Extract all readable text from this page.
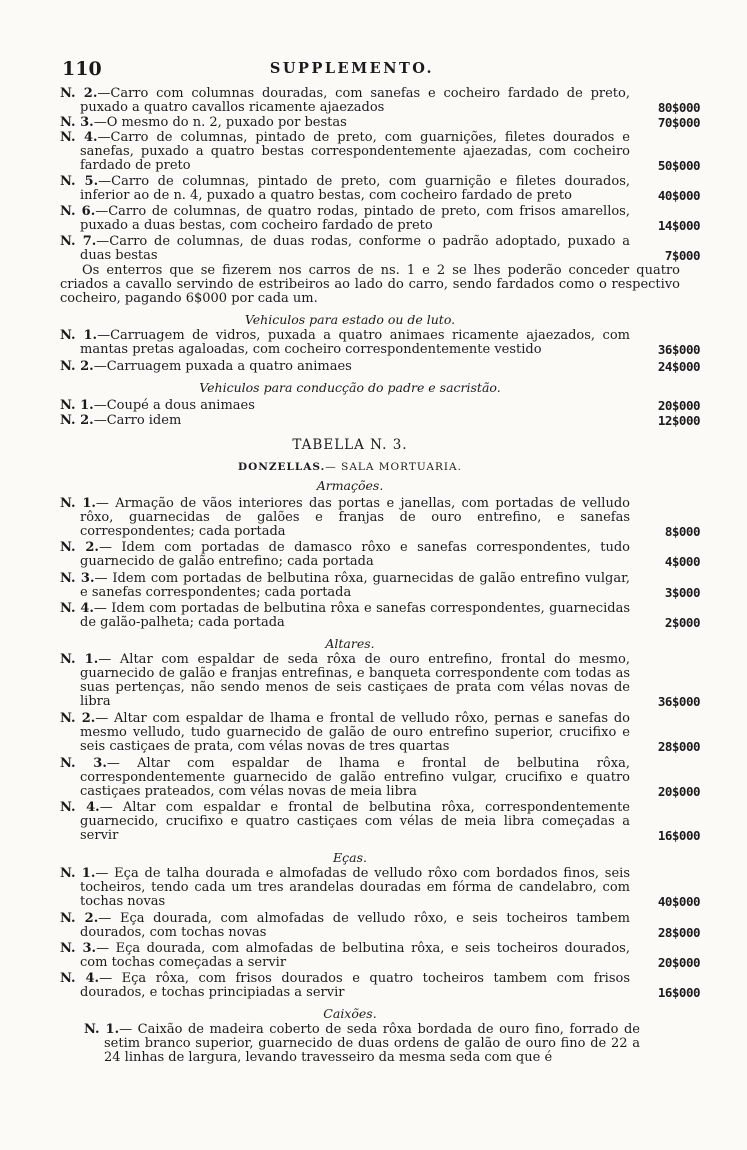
110	SUPPLEMENTO.
N. 2.—Carro com columnas douradas, com sanefas e cocheiro fardado de preto, puxado a quatro cavallos ricamente ajaezados	80$000
N. 3.—O mesmo do n. 2, puxado por bestas	70$000
N. 4.—Carro de columnas, pintado de preto, com guarnições, filetes dourados e sanefas, puxado a quatro bestas correspondentemente ajaezadas, com cocheiro fardado de preto	50$000
N. 5.—Carro de columnas, pintado de preto, com guarnição e filetes dourados, inferior ao de n. 4, puxado a quatro bestas, com cocheiro fardado de preto	40$000
N. 6.—Carro de columnas, de quatro rodas, pintado de preto, com frisos amarellos, puxado a duas bestas, com cocheiro fardado de preto	14$000
N. 7.—Carro de columnas, de duas rodas, conforme o padrão adoptado, puxado a duas bestas	7$000
Os enterros que se fizerem nos carros de ns. 1 e 2 se lhes poderão conceder quatro criados a cavallo servindo de estribeiros ao lado do carro, sendo fardados como o respectivo cocheiro, pagando 6$000 por cada um.
Vehiculos para estado ou de luto.
N. 1.—Carruagem de vidros, puxada a quatro animaes ricamente ajaezados, com mantas pretas agaloadas, com cocheiro correspondentemente vestido	36$000
N. 2.—Carruagem puxada a quatro animaes	24$000
Vehiculos para conducção do padre e sacristão.
N. 1.—Coupé a dous animaes	20$000
N. 2.—Carro idem	12$000
TABELLA N. 3.
DONZELLAS.— SALA MORTUARIA.
Armações.
N. 1.— Armação de vãos interiores das portas e janellas, com portadas de velludo rôxo, guarnecidas de galões e franjas de ouro entrefino, e sanefas correspondentes; cada portada	8$000
N. 2.— Idem com portadas de damasco rôxo e sanefas correspondentes, tudo guarnecido de galão entrefino; cada portada	4$000
N. 3.— Idem com portadas de belbutina rôxa, guarnecidas de galão entrefino vulgar, e sanefas correspondentes; cada portada	3$000
N. 4.— Idem com portadas de belbutina rôxa e sanefas correspondentes, guarnecidas de galão-palheta; cada portada	2$000
Altares.
N. 1.— Altar com espaldar de seda rôxa de ouro entrefino, frontal do mesmo, guarnecido de galão e franjas entrefinas, e banqueta correspondente com todas as suas pertenças, não sendo menos de seis castiçaes de prata com vélas novas de libra	36$000
N. 2.— Altar com espaldar de lhama e frontal de velludo rôxo, pernas e sanefas do mesmo velludo, tudo guarnecido de galão de ouro entrefino superior, crucifixo e seis castiçaes de prata, com vélas novas de tres quartas	28$000
N. 3.— Altar com espaldar de lhama e frontal de belbutina rôxa, correspondentemente guarnecido de galão entrefino vulgar, crucifixo e quatro castiçaes prateados, com vélas novas de meia libra	20$000
N. 4.— Altar com espaldar e frontal de belbutina rôxa, correspondentemente guarnecido, crucifixo e quatro castiçaes com vélas de meia libra começadas a servir	16$000
Eças.
N. 1.— Eça de talha dourada e almofadas de velludo rôxo com bordados finos, seis tocheiros, tendo cada um tres arandelas douradas em fórma de candelabro, com tochas novas	40$000
N. 2.— Eça dourada, com almofadas de velludo rôxo, e seis tocheiros tambem dourados, com tochas novas	28$000
N. 3.— Eça dourada, com almofadas de belbutina rôxa, e seis tocheiros dourados, com tochas começadas a servir	20$000
N. 4.— Eça rôxa, com frisos dourados e quatro tocheiros tambem com frisos dourados, e tochas principiadas a servir	16$000
Caixões.
N. 1.— Caixão de madeira coberto de seda rôxa bordada de ouro fino, forrado de setim branco superior, guarnecido de duas ordens de galão de ouro fino de 22 a 24 linhas de largura, levando travesseiro da mesma seda com que é
